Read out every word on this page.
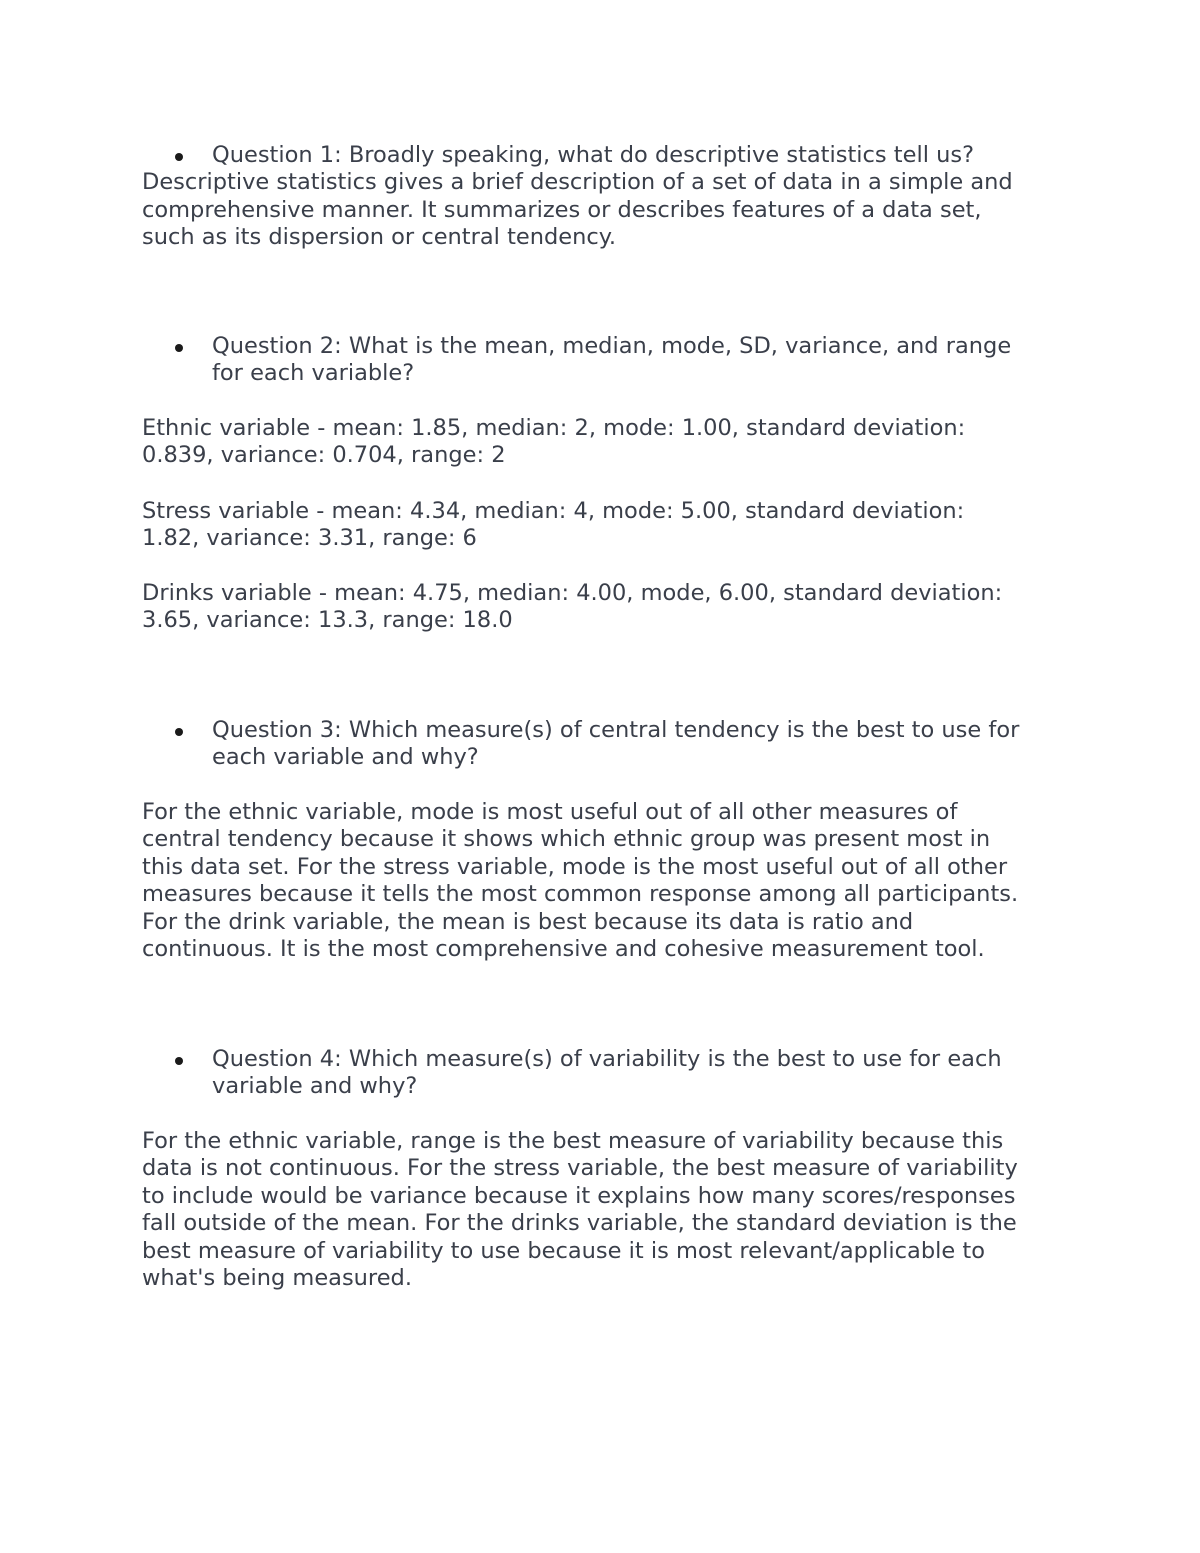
Question 1: Broadly speaking, what do descriptive statistics tell us?
Descriptive statistics gives a brief description of a set of data in a simple and
comprehensive manner. It summarizes or describes features of a data set,
such as its dispersion or central tendency.
Question 2: What is the mean, median, mode, SD, variance, and range
for each variable?
Ethnic variable - mean: 1.85, median: 2, mode: 1.00, standard deviation:
0.839, variance: 0.704, range: 2
Stress variable - mean: 4.34, median: 4, mode: 5.00, standard deviation:
1.82, variance: 3.31, range: 6
Drinks variable - mean: 4.75, median: 4.00, mode, 6.00, standard deviation:
3.65, variance: 13.3, range: 18.0
Question 3: Which measure(s) of central tendency is the best to use for
each variable and why?
For the ethnic variable, mode is most useful out of all other measures of
central tendency because it shows which ethnic group was present most in
this data set. For the stress variable, mode is the most useful out of all other
measures because it tells the most common response among all participants.
For the drink variable, the mean is best because its data is ratio and
continuous. It is the most comprehensive and cohesive measurement tool.
Question 4: Which measure(s) of variability is the best to use for each
variable and why?
For the ethnic variable, range is the best measure of variability because this
data is not continuous. For the stress variable, the best measure of variability
to include would be variance because it explains how many scores/responses
fall outside of the mean. For the drinks variable, the standard deviation is the
best measure of variability to use because it is most relevant/applicable to
what's being measured.
